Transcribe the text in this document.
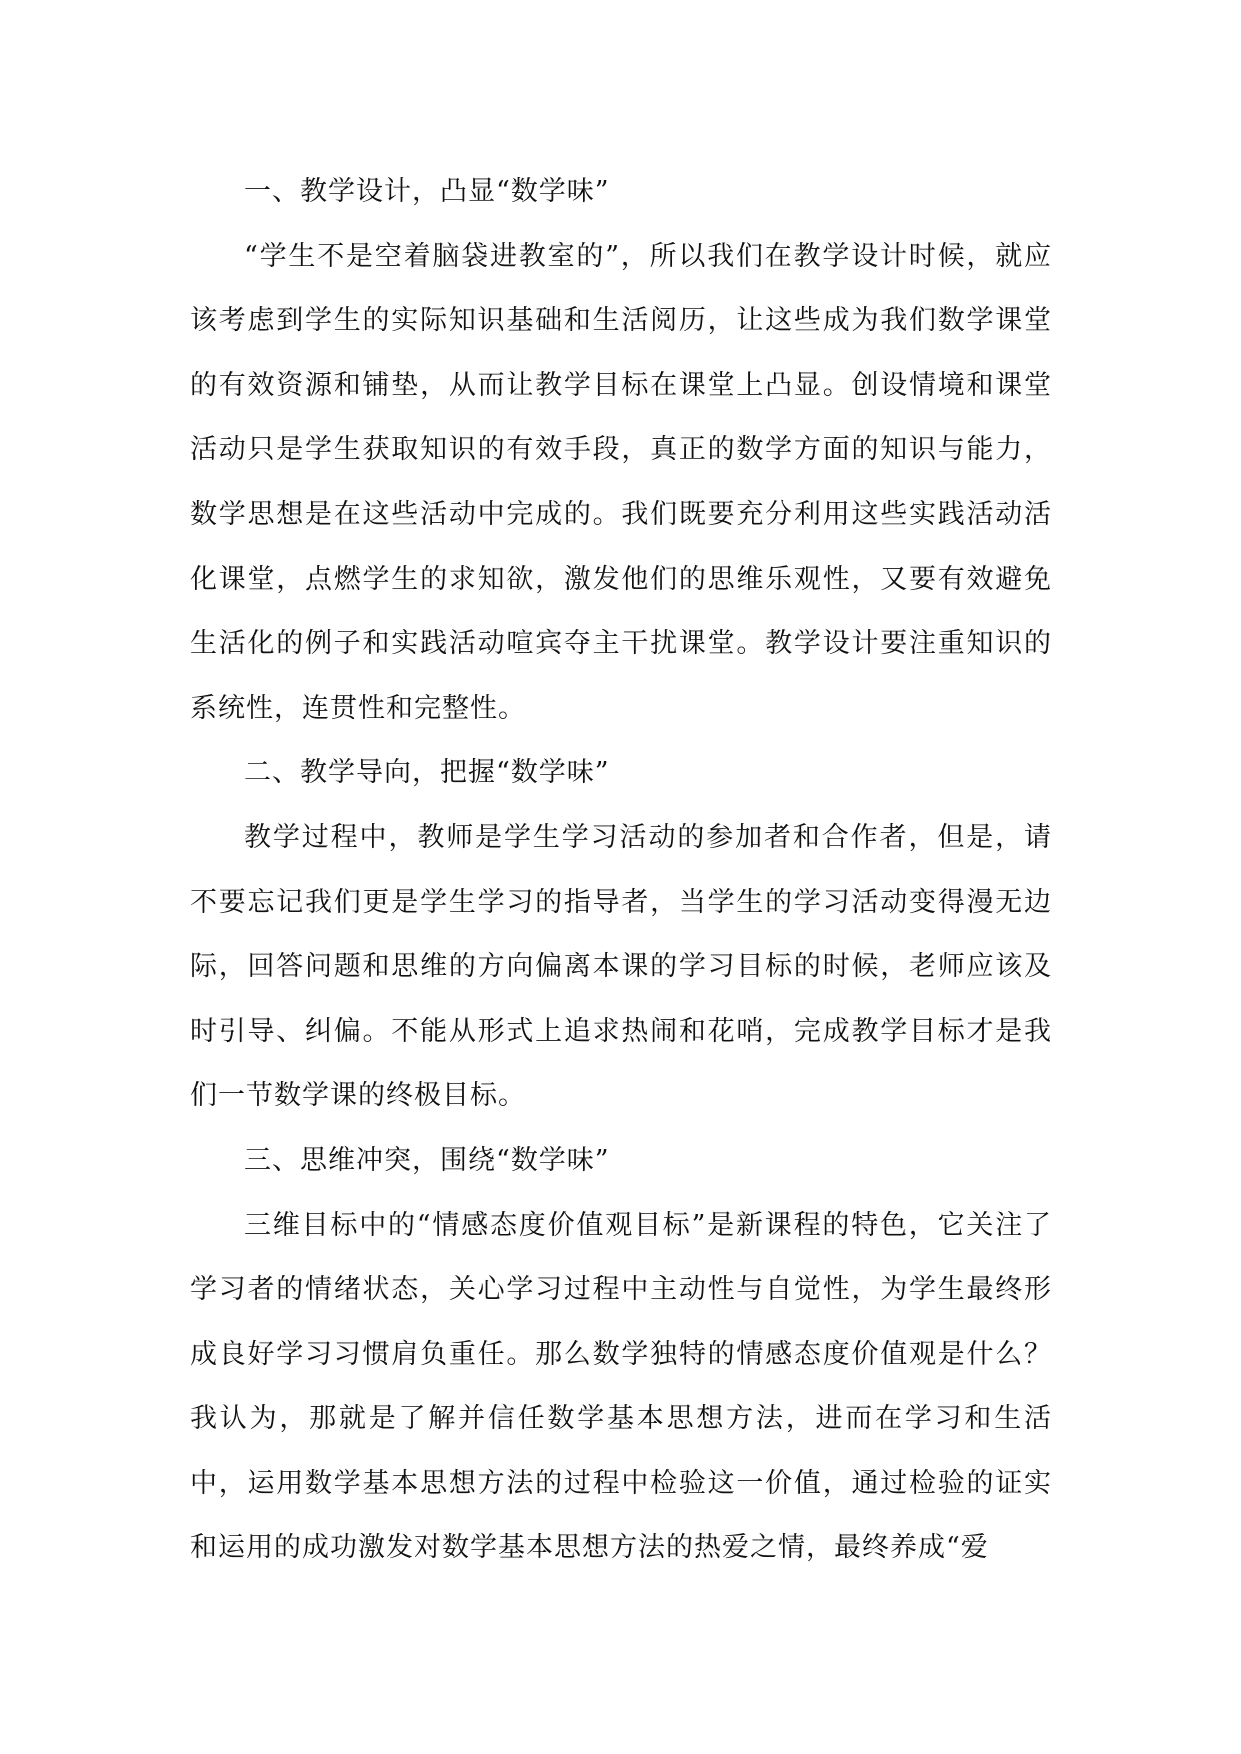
一、教学设计，凸显“数学味”

“学生不是空着脑袋进教室的”，所以我们在教学设计时候，就应该考虑到学生的实际知识基础和生活阅历，让这些成为我们数学课堂的有效资源和铺垫，从而让教学目标在课堂上凸显。创设情境和课堂活动只是学生获取知识的有效手段，真正的数学方面的知识与能力，数学思想是在这些活动中完成的。我们既要充分利用这些实践活动活化课堂，点燃学生的求知欲，激发他们的思维乐观性，又要有效避免生活化的例子和实践活动喧宾夺主干扰课堂。教学设计要注重知识的系统性，连贯性和完整性。

二、教学导向，把握“数学味”

教学过程中，教师是学生学习活动的参加者和合作者，但是，请不要忘记我们更是学生学习的指导者，当学生的学习活动变得漫无边际，回答问题和思维的方向偏离本课的学习目标的时候，老师应该及时引导、纠偏。不能从形式上追求热闹和花哨，完成教学目标才是我们一节数学课的终极目标。

三、思维冲突，围绕“数学味”

三维目标中的“情感态度价值观目标”是新课程的特色，它关注了学习者的情绪状态，关心学习过程中主动性与自觉性，为学生最终形成良好学习习惯肩负重任。那么数学独特的情感态度价值观是什么？我认为，那就是了解并信任数学基本思想方法，进而在学习和生活中，运用数学基本思想方法的过程中检验这一价值，通过检验的证实和运用的成功激发对数学基本思想方法的热爱之情，最终养成“爱
